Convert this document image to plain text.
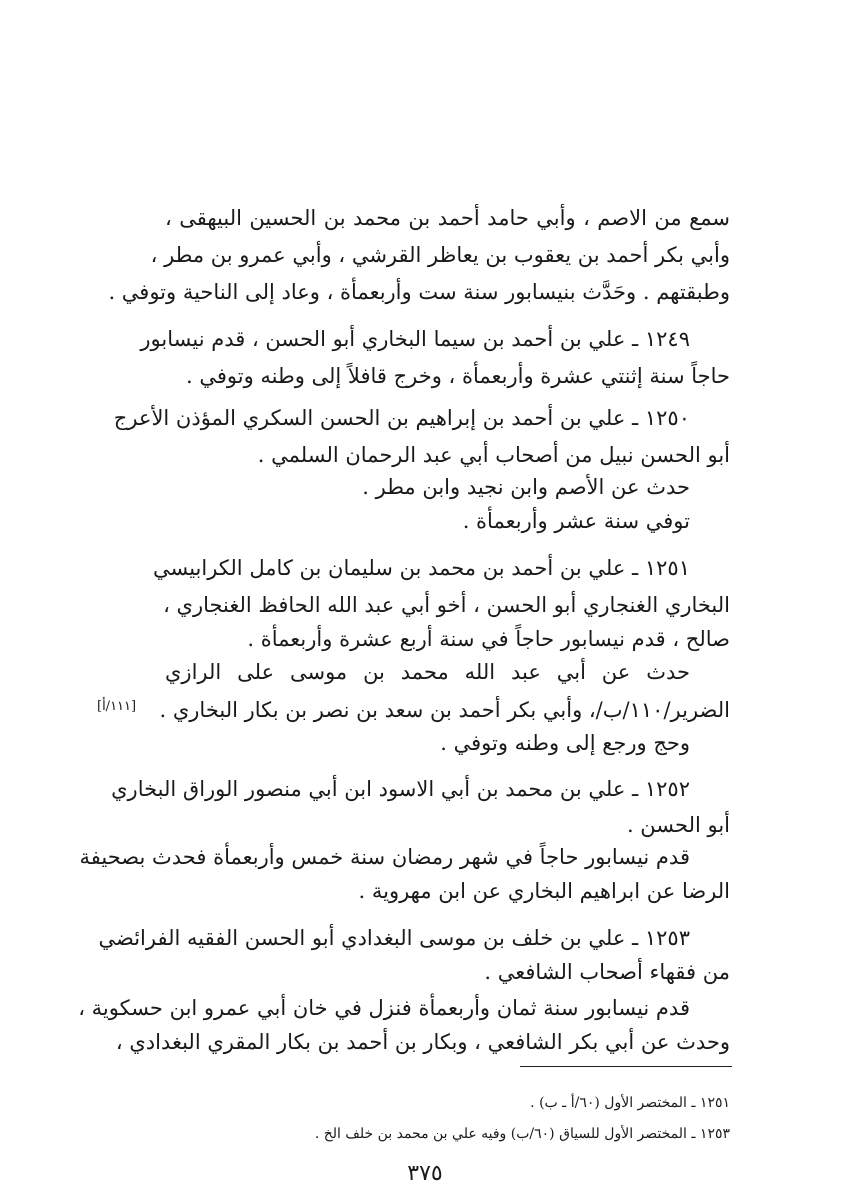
سمع من الاصم ، وأبي حامد أحمد بن محمد بن الحسين البيهقى ،
وأبي بكر أحمد بن يعقوب بن يعاظر القرشي ، وأبي عمرو بن مطر ،
وطبقتهم . وحَدَّث بنيسابور سنة ست وأربعمأة ، وعاد إلى الناحية وتوفي .
١٢٤٩ ـ علي بن أحمد بن سيما البخاري أبو الحسن ، قدم نيسابور
حاجاً سنة إثنتي عشرة وأربعمأة ، وخرج قافلاً إلى وطنه وتوفي .
١٢٥٠ ـ علي بن أحمد بن إبراهيم بن الحسن السكري المؤذن الأعرج
أبو الحسن نبيل من أصحاب أبي عبد الرحمان السلمي .
حدث عن الأصم وابن نجيد وابن مطر .
توفي سنة عشر وأربعمأة .
١٢٥١ ـ علي بن أحمد بن محمد بن سليمان بن كامل الكرابيسي
البخاري الغنجاري أبو الحسن ، أخو أبي عبد الله الحافظ الغنجاري ،
صالح ، قدم نيسابور حاجاً في سنة أربع عشرة وأربعمأة .
حدث عن أبي عبد الله محمد بن موسى على الرازي
الضرير/١١٠/ب/، وأبي بكر أحمد بن سعد بن نصر بن بكار البخاري .
وحج ورجع إلى وطنه وتوفي .
١٢٥٢ ـ علي بن محمد بن أبي الاسود ابن أبي منصور الوراق البخاري
أبو الحسن .
قدم نيسابور حاجاً في شهر رمضان سنة خمس وأربعمأة فحدث بصحيفة
الرضا عن ابراهيم البخاري عن ابن مهروية .
١٢٥٣ ـ علي بن خلف بن موسى البغدادي أبو الحسن الفقيه الفرائضي
من فقهاء أصحاب الشافعي .
قدم نيسابور سنة ثمان وأربعمأة فنزل في خان أبي عمرو ابن حسكوية ،
وحدث عن أبي بكر الشافعي ، وبكار بن أحمد بن بكار المقري البغدادي ،
[١١١/أ]
١٢٥١ ـ المختصر الأول (٦٠/أ ـ ب) .
١٢٥٣ ـ المختصر الأول للسياق (٦٠/ب) وفيه علي بن محمد بن خلف الخ .
٣٧٥
